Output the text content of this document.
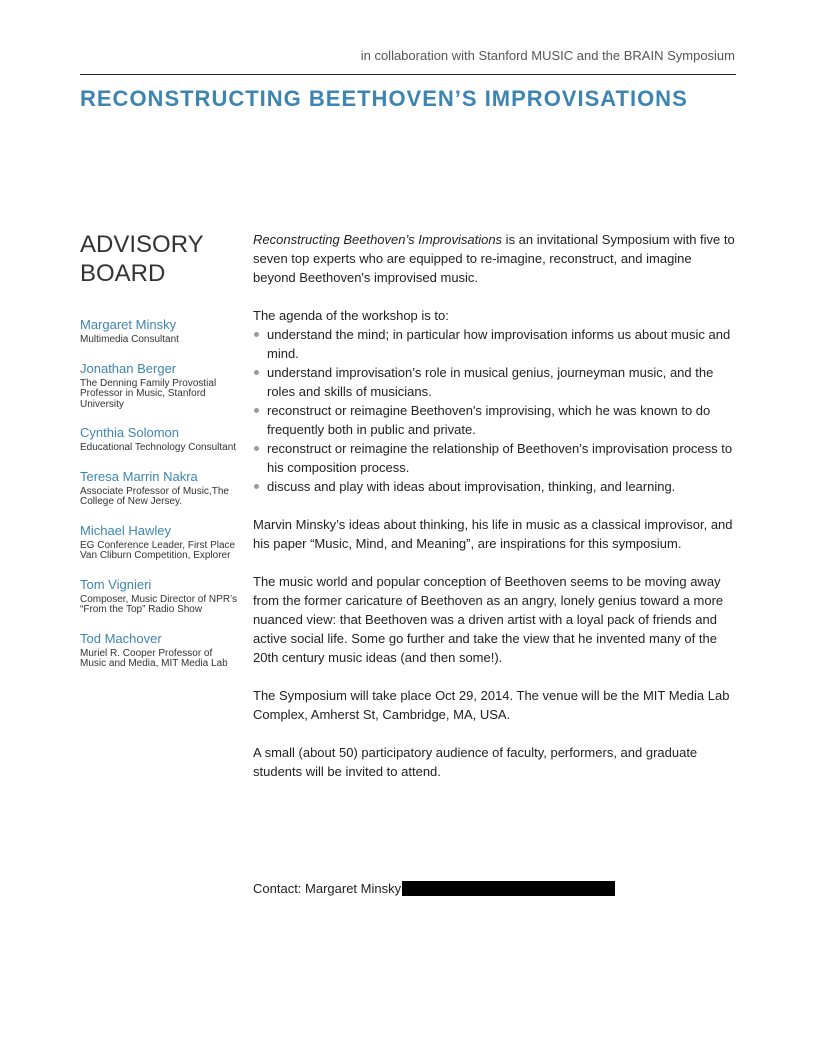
in collaboration with Stanford MUSIC and the BRAIN Symposium
RECONSTRUCTING BEETHOVEN’S IMPROVISATIONS
ADVISORY BOARD
Margaret Minsky
Multimedia Consultant
Jonathan Berger
The Denning Family Provostial Professor in Music, Stanford University
Cynthia Solomon
Educational Technology Consultant
Teresa Marrin Nakra
Associate Professor of Music,The College of New Jersey.
Michael Hawley
EG Conference Leader, First Place Van Cliburn Competition, Explorer
Tom Vignieri
Composer, Music Director of NPR’s “From the Top” Radio Show
Tod Machover
Muriel R. Cooper Professor of Music and Media, MIT Media Lab

Reconstructing Beethoven’s Improvisations is an invitational Symposium with five to seven top experts who are equipped to re-imagine, reconstruct, and imagine beyond Beethoven's improvised music.

The agenda of the workshop is to:

understand the mind; in particular how improvisation informs us about music and mind.
understand improvisation’s role in musical genius, journeyman music, and the roles and skills of musicians.
reconstruct or reimagine Beethoven's improvising, which he was known to do frequently both in public and private.
reconstruct or reimagine the relationship of Beethoven’s improvisation process to his composition process.
discuss and play with ideas about improvisation, thinking, and learning.

Marvin Minsky’s ideas about thinking, his life in music as a classical improvisor, and his paper “Music, Mind, and Meaning”, are inspirations for this symposium.

The music world and popular conception of Beethoven seems to be moving away from the former caricature of Beethoven as an angry, lonely genius toward a more nuanced view: that Beethoven was a driven artist with a loyal pack of friends and active social life. Some go further and take the view that he invented many of the 20th century music ideas (and then some!).

The Symposium will take place Oct 29, 2014. The venue will be the MIT Media Lab Complex, Amherst St, Cambridge, MA, USA.

A small (about 50) participatory audience of faculty, performers, and graduate students will be invited to attend.

Contact: Margaret Minsky
